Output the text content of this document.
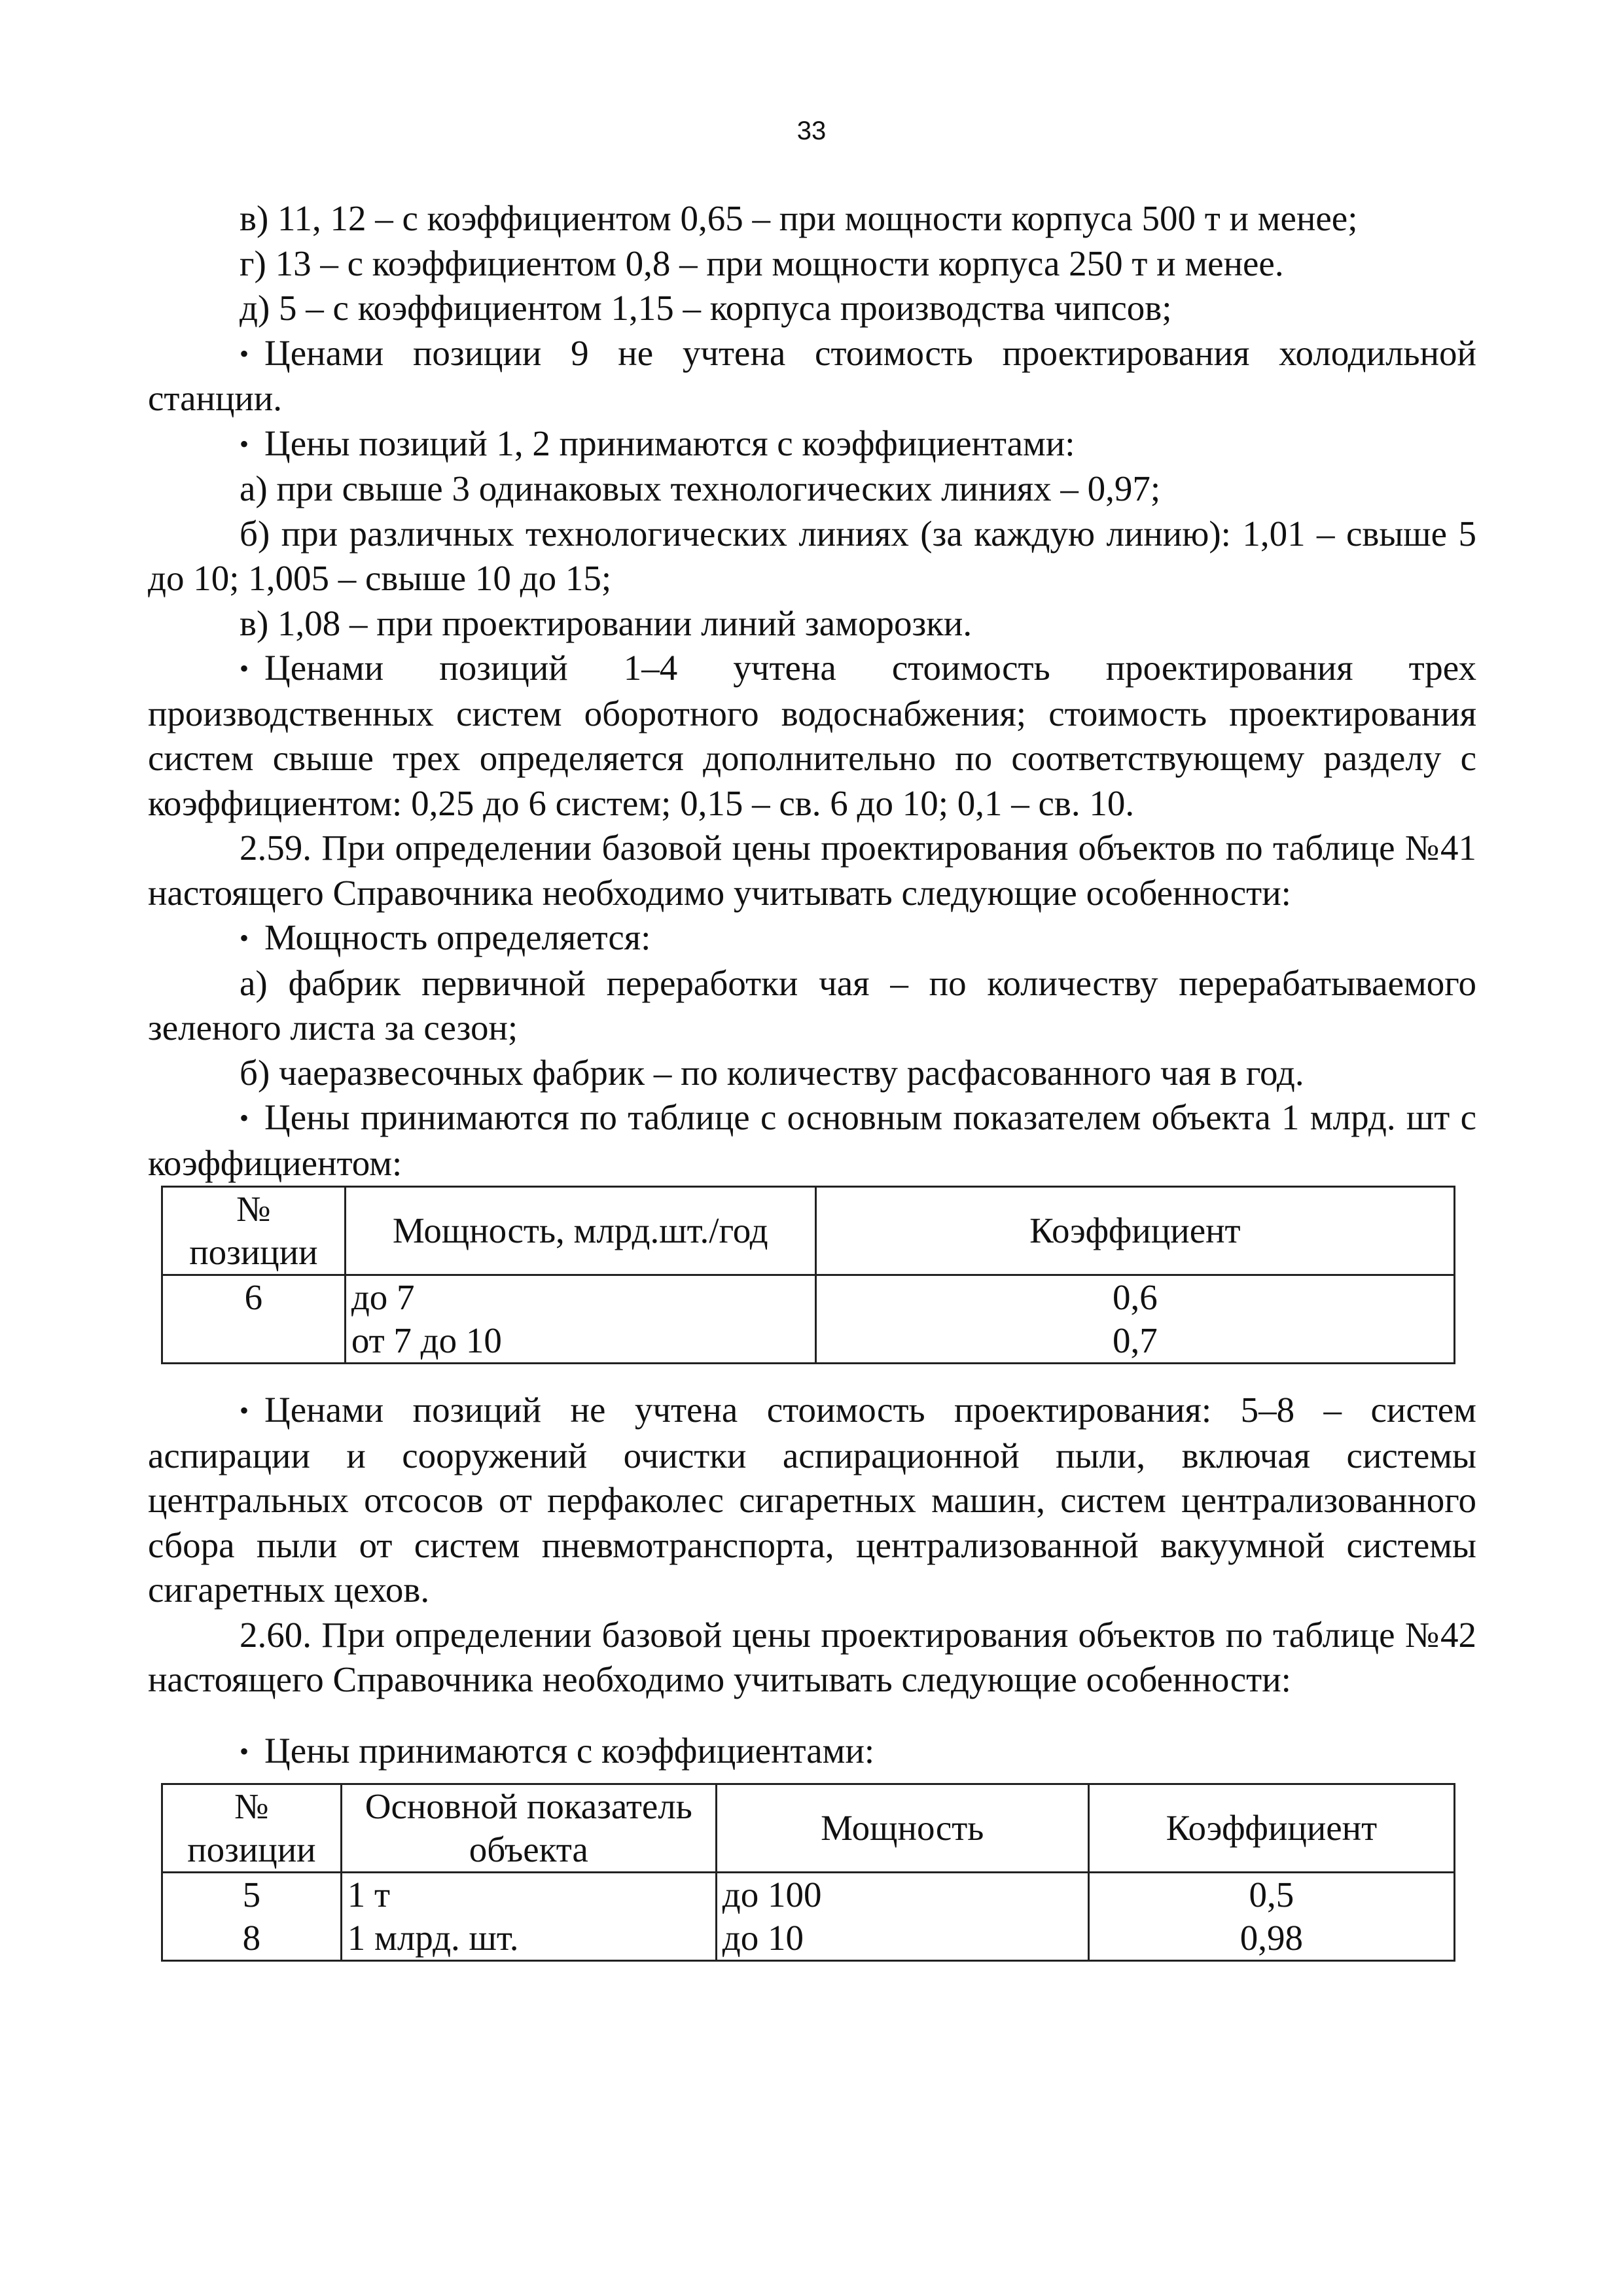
33

в) 11, 12 – с коэффициентом 0,65 – при мощности корпуса 500 т и менее;

г) 13 – с коэффициентом 0,8 – при мощности корпуса 250 т и менее.

д) 5 – с коэффициентом 1,15 – корпуса производства чипсов;

• Ценами позиции 9 не учтена стоимость проектирования холодильной станции.

• Цены позиций 1, 2 принимаются с коэффициентами:

а) при свыше 3 одинаковых технологических линиях – 0,97;

б) при различных технологических линиях (за каждую линию): 1,01 – свыше 5 до 10; 1,005 – свыше 10 до 15;

в) 1,08 – при проектировании линий заморозки.

• Ценами позиций 1–4 учтена стоимость проектирования трех производственных систем оборотного водоснабжения; стоимость проектирования систем свыше трех определяется дополнительно по соответствующему разделу с коэффициентом: 0,25 до 6 систем; 0,15 – св. 6 до 10; 0,1 – св. 10.

2.59. При определении базовой цены проектирования объектов по таблице №41 настоящего Справочника необходимо учитывать следующие особенности:

• Мощность определяется:

а) фабрик первичной переработки чая – по количеству перерабатываемого зеленого листа за сезон;

б) чаеразвесочных фабрик – по количеству расфасованного чая в год.

• Цены принимаются по таблице с основным показателем объекта 1 млрд. шт с коэффициентом:

№ позиции	Мощность, млрд.шт./год	Коэффициент
6	до 7	0,6
	от 7 до 10	0,7

• Ценами позиций не учтена стоимость проектирования: 5–8 – систем аспирации и сооружений очистки аспирационной пыли, включая системы центральных отсосов от перфаколес сигаретных машин, систем централизованного сбора пыли от систем пневмотранспорта, централизованной вакуумной системы сигаретных цехов.

2.60. При определении базовой цены проектирования объектов по таблице №42 настоящего Справочника необходимо учитывать следующие особенности:

• Цены принимаются с коэффициентами:

№ позиции	Основной показатель объекта	Мощность	Коэффициент
5	1 т	до 100	0,5
8	1 млрд. шт.	до 10	0,98
